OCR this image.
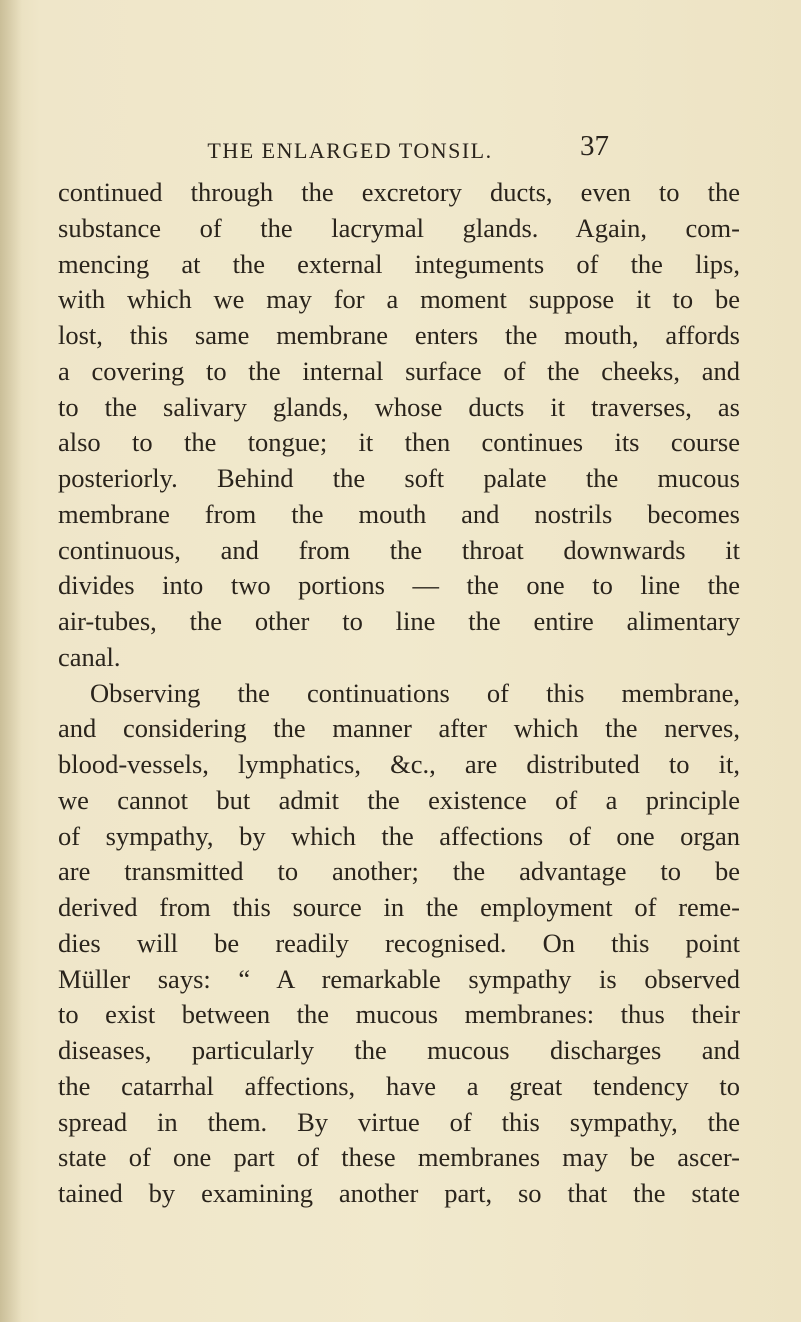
THE ENLARGED TONSIL.	37
continued through the excretory ducts, even to the
substance of the lacrymal glands. Again, com-
mencing at the external integuments of the lips,
with which we may for a moment suppose it to be
lost, this same membrane enters the mouth, affords
a covering to the internal surface of the cheeks, and
to the salivary glands, whose ducts it traverses, as
also to the tongue; it then continues its course
posteriorly. Behind the soft palate the mucous
membrane from the mouth and nostrils becomes
continuous, and from the throat downwards it
divides into two portions — the one to line the
air-tubes, the other to line the entire alimentary
canal.
Observing the continuations of this membrane,
and considering the manner after which the nerves,
blood-vessels, lymphatics, &c., are distributed to it,
we cannot but admit the existence of a principle
of sympathy, by which the affections of one organ
are transmitted to another; the advantage to be
derived from this source in the employment of reme-
dies will be readily recognised. On this point
Müller says: “ A remarkable sympathy is observed
to exist between the mucous membranes: thus their
diseases, particularly the mucous discharges and
the catarrhal affections, have a great tendency to
spread in them. By virtue of this sympathy, the
state of one part of these membranes may be ascer-
tained by examining another part, so that the state
